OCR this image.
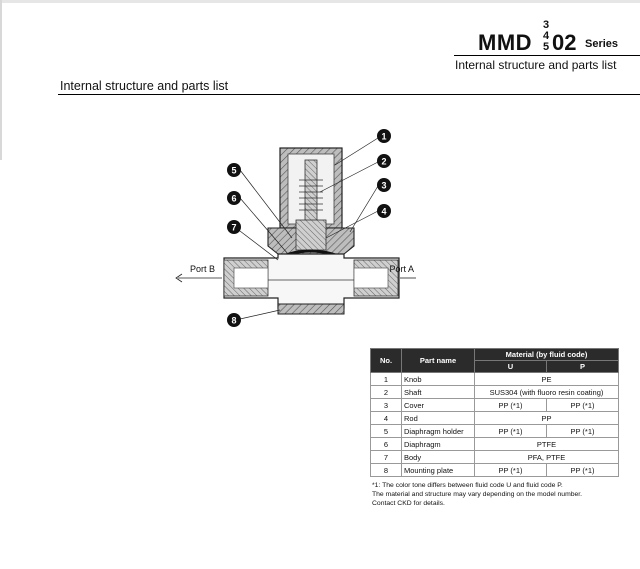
MMD
3
4
5 02 Series
Internal structure and parts list
Internal structure and parts list
Port B	Port A
1
2
3
4
5
6
7
8
No.	Part name	Material (by fluid code)	
		U	P
1	Knob	PE	
2	Shaft	SUS304 (with fluoro resin coating)	
3	Cover	PP (*1)	PP (*1)
4	Rod	PP	
5	Diaphragm holder	PP (*1)	PP (*1)
6	Diaphragm	PTFE	
7	Body	PFA, PTFE	
8	Mounting plate	PP (*1)	PP (*1)
*1: The color tone differs between fluid code U and fluid code P.
The material and structure may vary depending on the model number.
Contact CKD for details.
